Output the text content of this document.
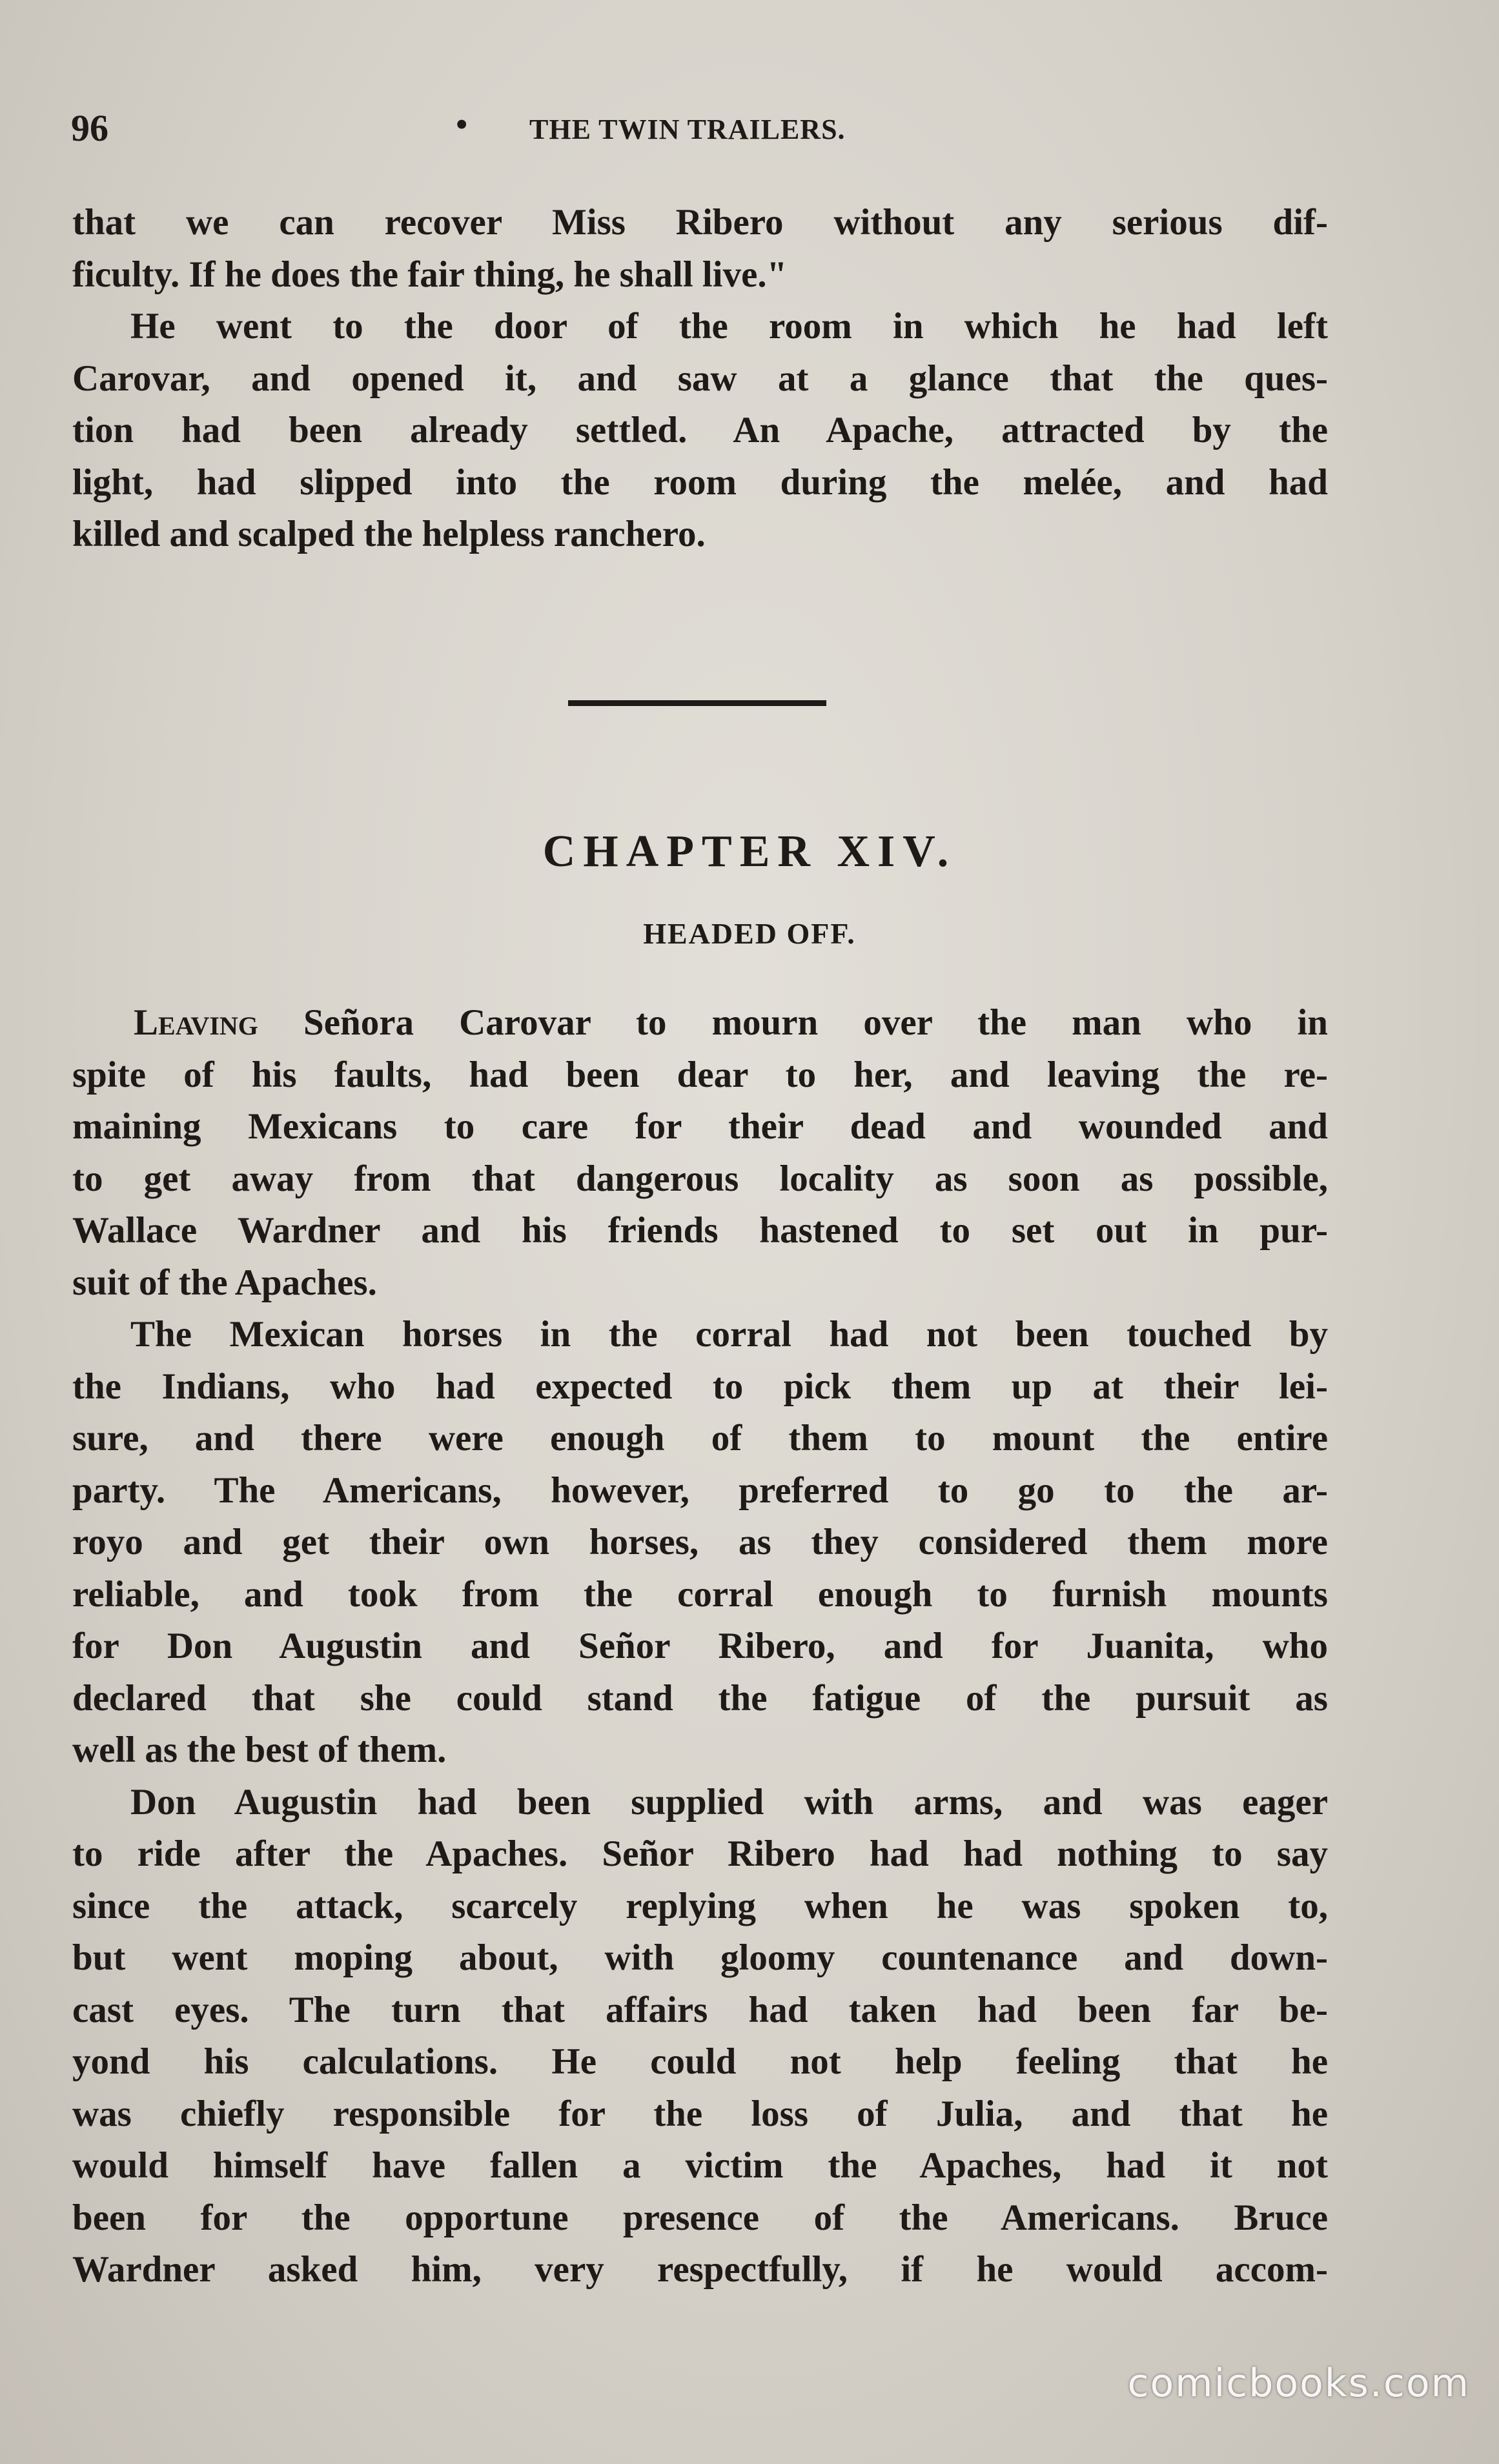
96	• THE TWIN TRAILERS.
that we can recover Miss Ribero without any serious dif-
ficulty. If he does the fair thing, he shall live."
He went to the door of the room in which he had left
Carovar, and opened it, and saw at a glance that the ques-
tion had been already settled. An Apache, attracted by the
light, had slipped into the room during the melée, and had
killed and scalped the helpless ranchero.
CHAPTER XIV.
HEADED OFF.
Leaving Señora Carovar to mourn over the man who in
spite of his faults, had been dear to her, and leaving the re-
maining Mexicans to care for their dead and wounded and
to get away from that dangerous locality as soon as possible,
Wallace Wardner and his friends hastened to set out in pur-
suit of the Apaches.
The Mexican horses in the corral had not been touched by
the Indians, who had expected to pick them up at their lei-
sure, and there were enough of them to mount the entire
party. The Americans, however, preferred to go to the ar-
royo and get their own horses, as they considered them more
reliable, and took from the corral enough to furnish mounts
for Don Augustin and Señor Ribero, and for Juanita, who
declared that she could stand the fatigue of the pursuit as
well as the best of them.
Don Augustin had been supplied with arms, and was eager
to ride after the Apaches. Señor Ribero had had nothing to say
since the attack, scarcely replying when he was spoken to,
but went moping about, with gloomy countenance and down-
cast eyes. The turn that affairs had taken had been far be-
yond his calculations. He could not help feeling that he
was chiefly responsible for the loss of Julia, and that he
would himself have fallen a victim the Apaches, had it not
been for the opportune presence of the Americans. Bruce
Wardner asked him, very respectfully, if he would accom-
comicbooks.com
